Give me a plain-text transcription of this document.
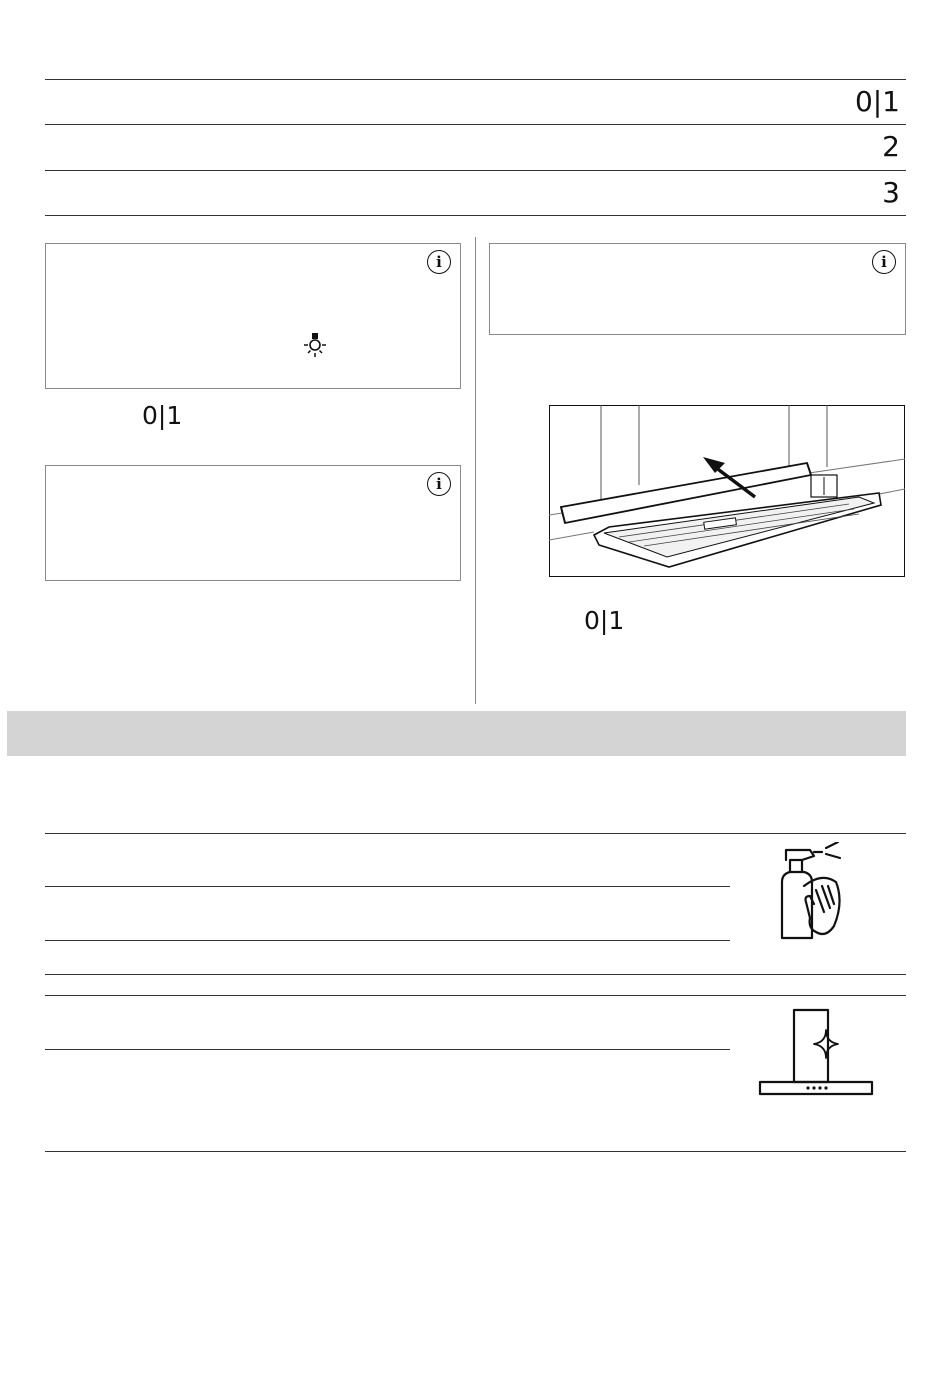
0|1
2
3
i
0|1
i
i
0|1
